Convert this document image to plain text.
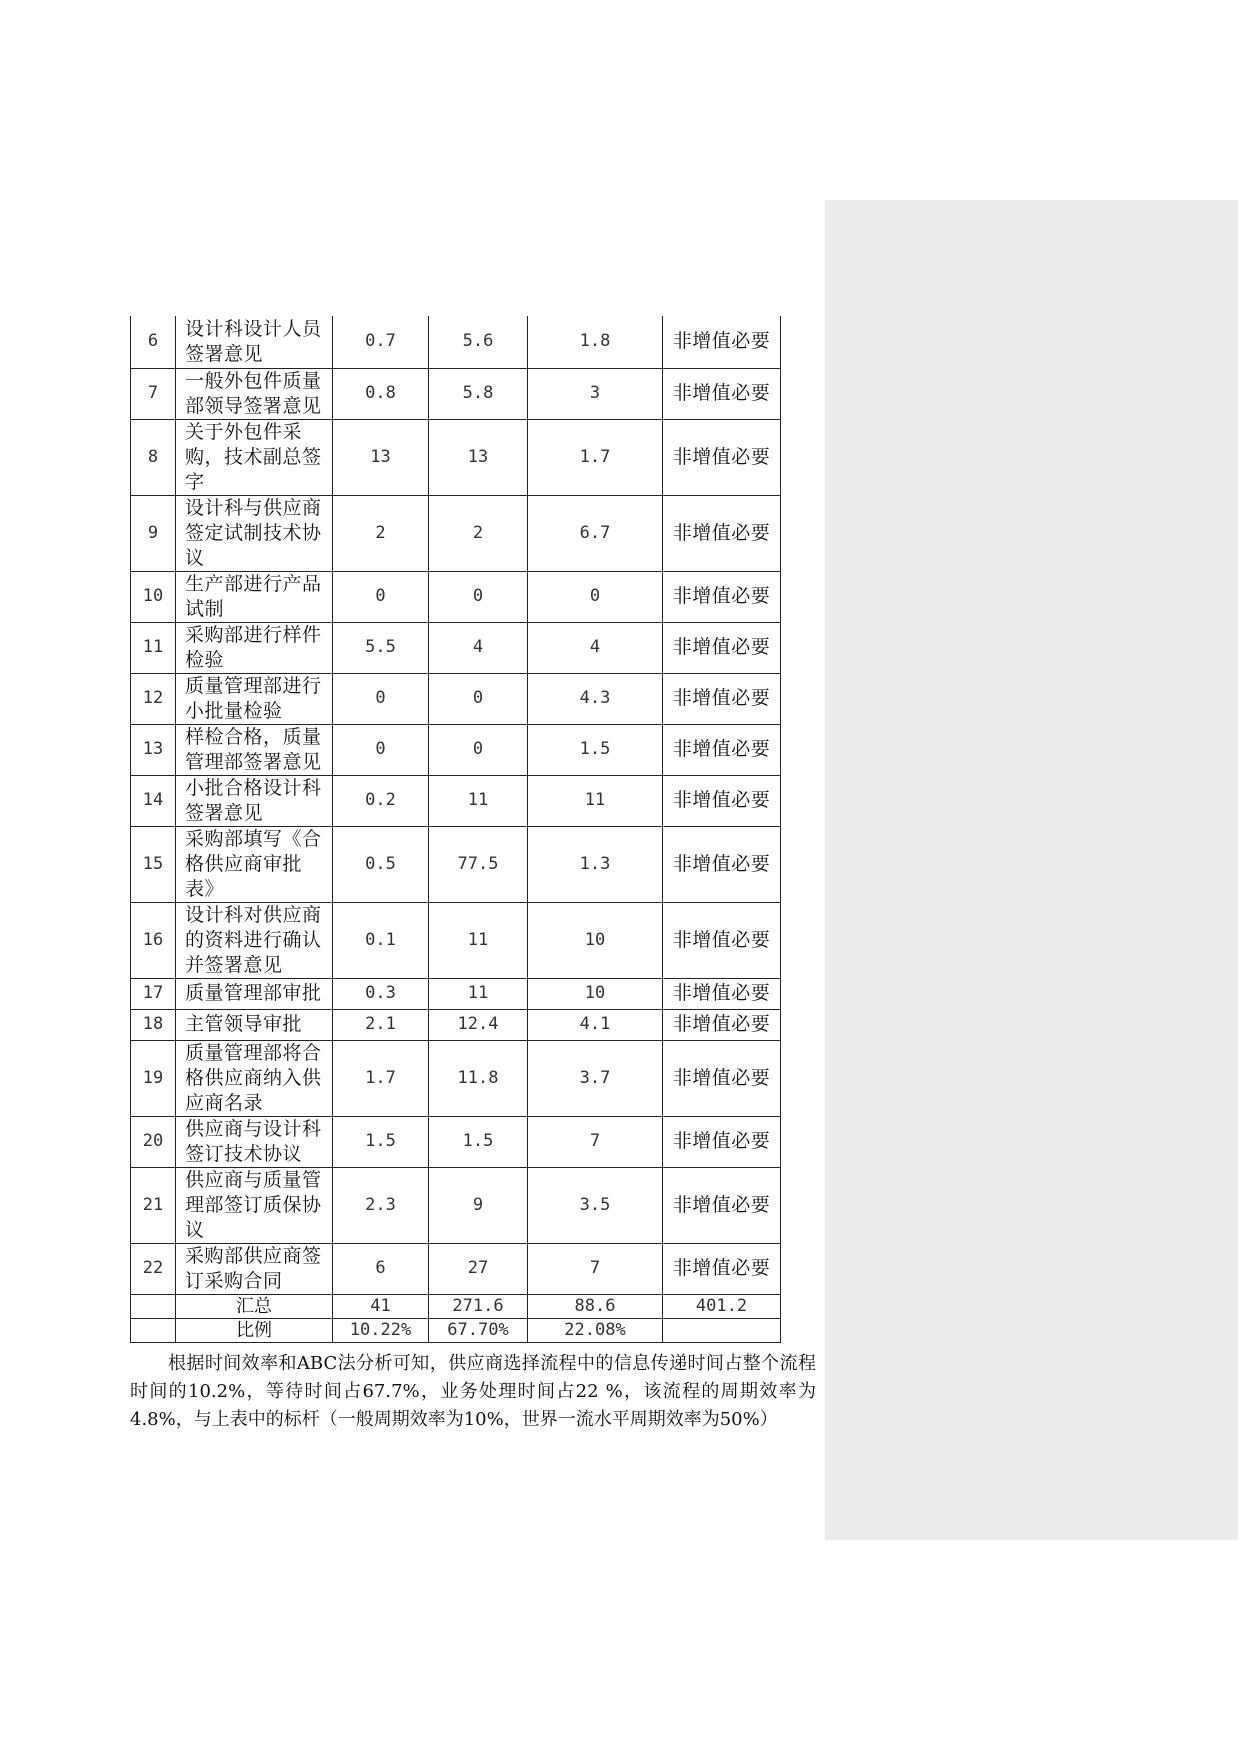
6	设计科设计人员签署意见	0.7	5.6	1.8	非增值必要
7	一般外包件质量部领导签署意见	0.8	5.8	3	非增值必要
8	关于外包件采购，技术副总签字	13	13	1.7	非增值必要
9	设计科与供应商签定试制技术协议	2	2	6.7	非增值必要
10	生产部进行产品试制	0	0	0	非增值必要
11	采购部进行样件检验	5.5	4	4	非增值必要
12	质量管理部进行小批量检验	0	0	4.3	非增值必要
13	样检合格，质量管理部签署意见	0	0	1.5	非增值必要
14	小批合格设计科签署意见	0.2	11	11	非增值必要
15	采购部填写《合格供应商审批表》	0.5	77.5	1.3	非增值必要
16	设计科对供应商的资料进行确认并签署意见	0.1	11	10	非增值必要
17	质量管理部审批	0.3	11	10	非增值必要
18	主管领导审批	2.1	12.4	4.1	非增值必要
19	质量管理部将合格供应商纳入供应商名录	1.7	11.8	3.7	非增值必要
20	供应商与设计科签订技术协议	1.5	1.5	7	非增值必要
21	供应商与质量管理部签订质保协议	2.3	9	3.5	非增值必要
22	采购部供应商签订采购合同	6	27	7	非增值必要
	汇总	41	271.6	88.6	401.2
	比例	10.22%	67.70%	22.08%	

根据时间效率和ABC法分析可知，供应商选择流程中的信息传递时间占整个流程时间的10.2%，等待时间占67.7%，业务处理时间占22 %，该流程的周期效率为4.8%，与上表中的标杆（一般周期效率为10%，世界一流水平周期效率为50%）
